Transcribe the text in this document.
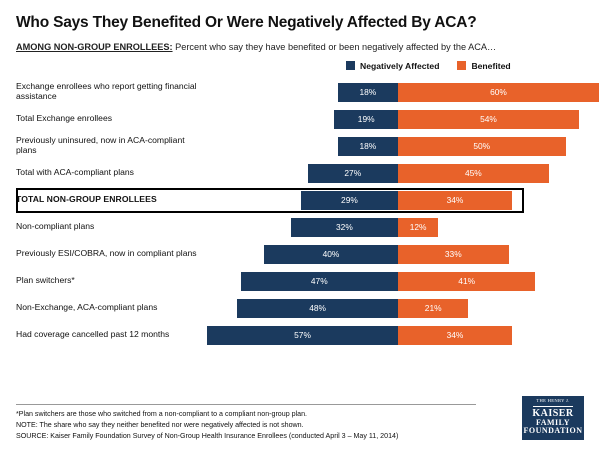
Who Says They Benefited Or Were Negatively Affected By ACA?
AMONG NON-GROUP ENROLLEES: Percent who say they have benefited or been negatively affected by the ACA…
Negatively Affected	Benefited
Exchange enrollees who report getting financial assistance	18%	60%
Total Exchange enrollees	19%	54%
Previously uninsured, now in ACA-compliant plans	18%	50%
Total with ACA-compliant plans	27%	45%
TOTAL NON-GROUP ENROLLEES	29%	34%
Non-compliant plans	32%	12%
Previously ESI/COBRA, now in compliant plans	40%	33%
Plan switchers*	47%	41%
Non-Exchange, ACA-compliant plans	48%	21%
Had coverage cancelled past 12 months	57%	34%
*Plan switchers are those who switched from a non-compliant to a compliant non-group plan.
NOTE: The share who say they neither benefited nor were negatively affected is not shown.
SOURCE: Kaiser Family Foundation Survey of Non-Group Health Insurance Enrollees (conducted April 3 – May 11, 2014)
THE HENRY J.
KAISER
FAMILY
FOUNDATION
